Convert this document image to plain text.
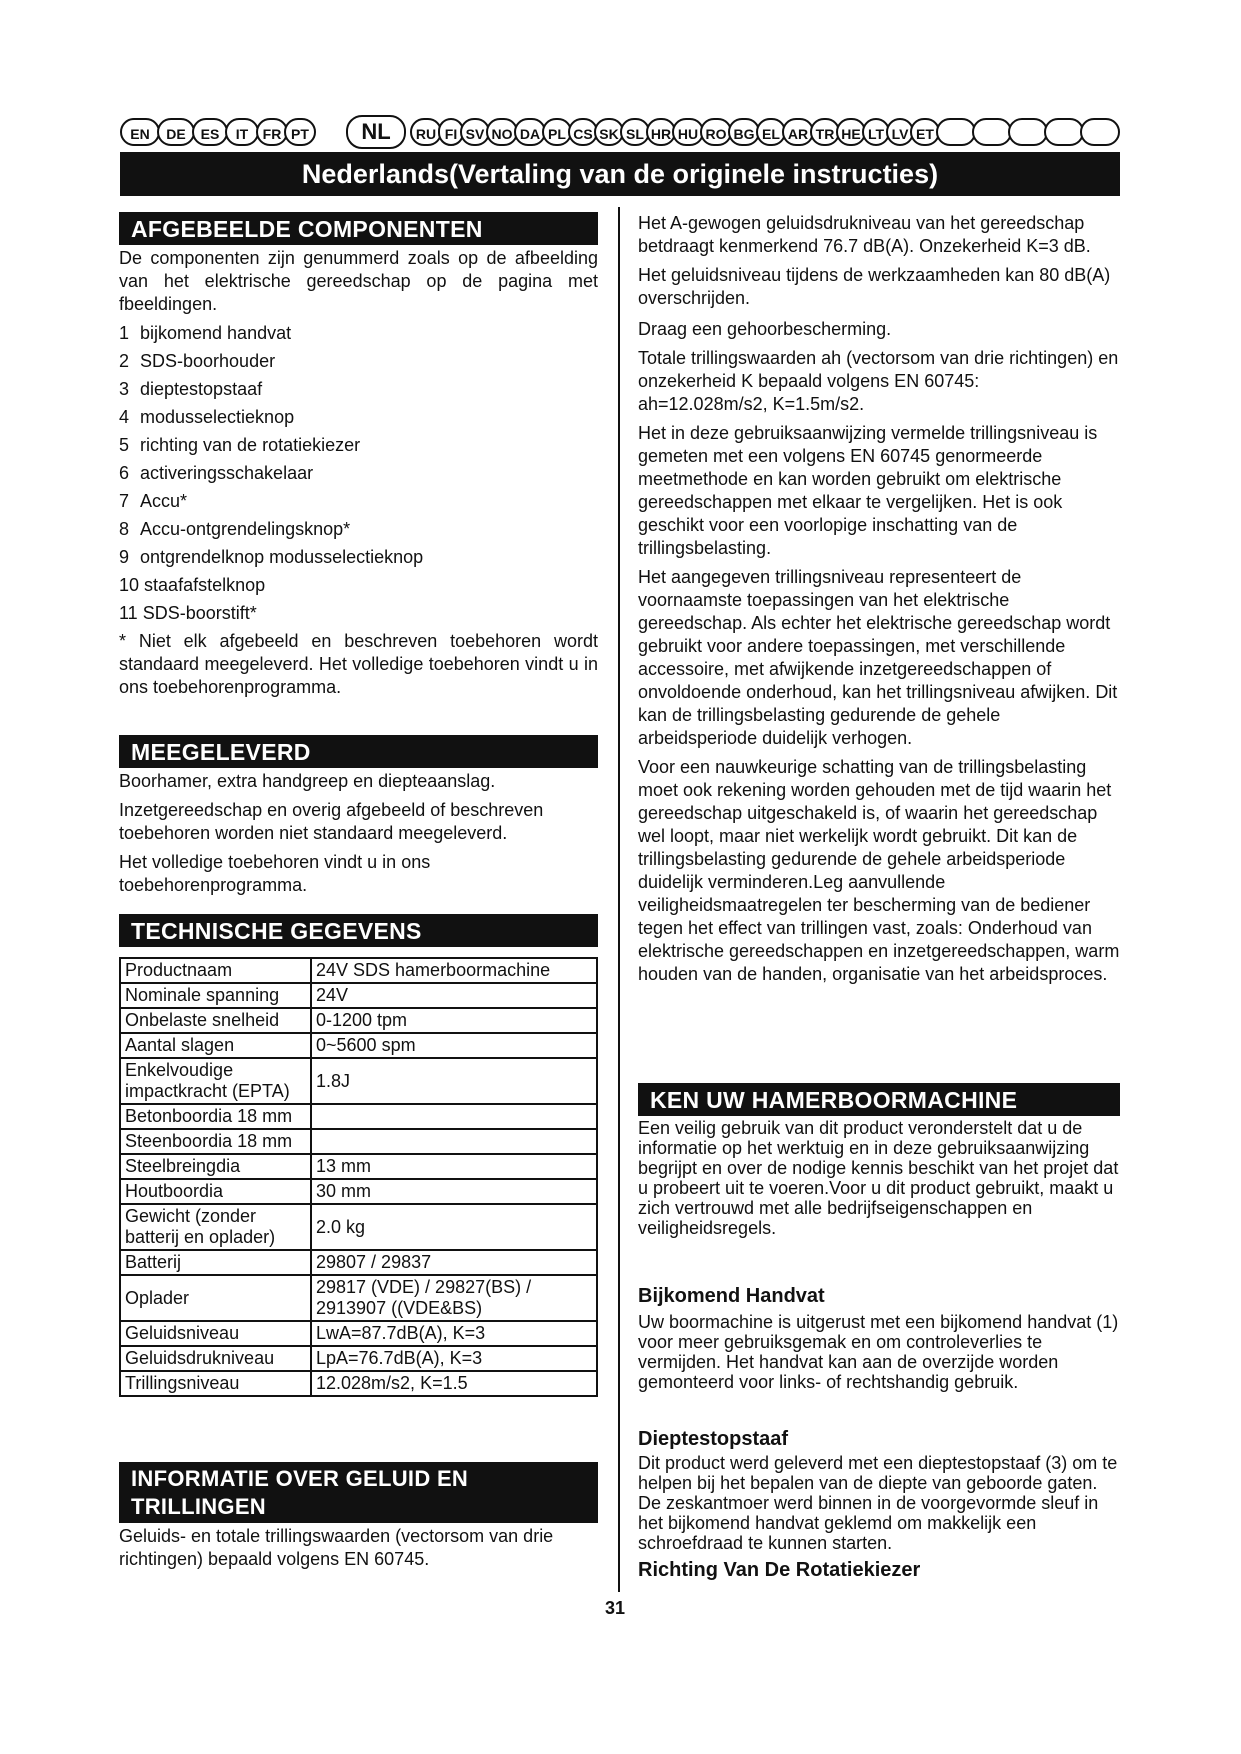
EN	DE	ES	IT	FR PT	NL	RU FI SV NO DA PL CS SK SL HR HU RO BG EL AR TR HE LT LV ET
Nederlands(Vertaling van de originele instructies)
AFGEBEELDE COMPONENTEN

De componenten zijn genummerd zoals op de afbeelding van het elektrische gereedschap op de pagina met fbeeldingen.

1 bijkomend handvat
2 SDS-boorhouder
3 dieptestopstaaf
4 modusselectieknop
5 richting van de rotatiekiezer
6 activeringsschakelaar
7 Accu*
8 Accu-ontgrendelingsknop*
9 ontgrendelknop modusselectieknop
10
staafafstelknop
11
SDS-boorstift*

* Niet elk afgebeeld en beschreven toebehoren wordt standaard meegeleverd. Het volledige toebehoren vindt u in ons toebehorenprogramma.

MEEGELEVERD

Boorhamer, extra handgreep en diepteaanslag.

Inzetgereedschap en overig afgebeeld of beschreven toebehoren worden niet standaard meegeleverd.

Het volledige toebehoren vindt u in ons toebehorenprogramma.

TECHNISCHE GEGEVENS
Productnaam	24V SDS hamerboormachine
Nominale spanning	24V
Onbelaste snelheid	0-1200 tpm
Aantal slagen	0~5600 spm
Enkelvoudige impactkracht (EPTA)	1.8J
Betonboordia 18 mm	
Steenboordia 18 mm	
Steelbreingdia	13 mm
Houtboordia	30 mm
Gewicht (zonder batterij en oplader)	2.0 kg
Batterij	29807 / 29837
Oplader	29817 (VDE) / 29827(BS) / 2913907 ((VDE&BS)
Geluidsniveau	LwA=87.7dB(A), K=3
Geluidsdrukniveau	LpA=76.7dB(A), K=3
Trillingsniveau	12.028m/s2, K=1.5
INFORMATIE OVER GELUID EN TRILLINGEN

Geluids- en totale trillingswaarden (vectorsom van drie richtingen) bepaald volgens EN 60745.

Het A-gewogen geluidsdrukniveau van het gereedschap betdraagt kenmerkend 76.7 dB(A). Onzekerheid K=3 dB.

Het geluidsniveau tijdens de werkzaamheden kan 80 dB(A) overschrijden.

Draag een gehoorbescherming.

Totale trillingswaarden ah (vectorsom van drie richtingen) en onzekerheid K bepaald volgens EN 60745:

ah=12.028m/s2, K=1.5m/s2.

Het in deze gebruiksaanwijzing vermelde trillingsniveau is gemeten met een volgens EN 60745 genormeerde meetmethode en kan worden gebruikt om elektrische gereedschappen met elkaar te vergelijken. Het is ook geschikt voor een voorlopige inschatting van de trillingsbelasting.

Het aangegeven trillingsniveau representeert de voornaamste toepassingen van het elektrische gereedschap. Als echter het elektrische gereedschap wordt gebruikt voor andere toepassingen, met verschillende accessoire, met afwijkende inzetgereedschappen of onvoldoende onderhoud, kan het trillingsniveau afwijken. Dit kan de trillingsbelasting gedurende de gehele arbeidsperiode duidelijk verhogen.

Voor een nauwkeurige schatting van de trillingsbelasting moet ook rekening worden gehouden met de tijd waarin het gereedschap uitgeschakeld is, of waarin het gereedschap wel loopt, maar niet werkelijk wordt gebruikt. Dit kan de trillingsbelasting gedurende de gehele arbeidsperiode duidelijk verminderen.Leg aanvullende veiligheidsmaatregelen ter bescherming van de bediener tegen het effect van trillingen vast, zoals: Onderhoud van elektrische gereedschappen en inzetgereedschappen, warm houden van de handen, organisatie van het arbeidsproces.

KEN UW HAMERBOORMACHINE

Een veilig gebruik van dit product veronderstelt dat u de informatie op het werktuig en in deze gebruiksaanwijzing begrijpt en over de nodige kennis beschikt van het projet dat u probeert uit te voeren.Voor u dit product gebruikt, maakt u zich vertrouwd met alle bedrijfseigenschappen en veiligheidsregels.

Bijkomend Handvat

Uw boormachine is uitgerust met een bijkomend handvat (1) voor meer gebruiksgemak en om controleverlies te vermijden. Het handvat kan aan de overzijde worden gemonteerd voor links- of rechtshandig gebruik.

Dieptestopstaaf

Dit product werd geleverd met een dieptestopstaaf (3) om te helpen bij het bepalen van de diepte van geboorde gaten. De zeskantmoer werd binnen in de voorgevormde sleuf in het bijkomend handvat geklemd om makkelijk een schroefdraad te kunnen starten.

Richting Van De Rotatiekiezer
31
